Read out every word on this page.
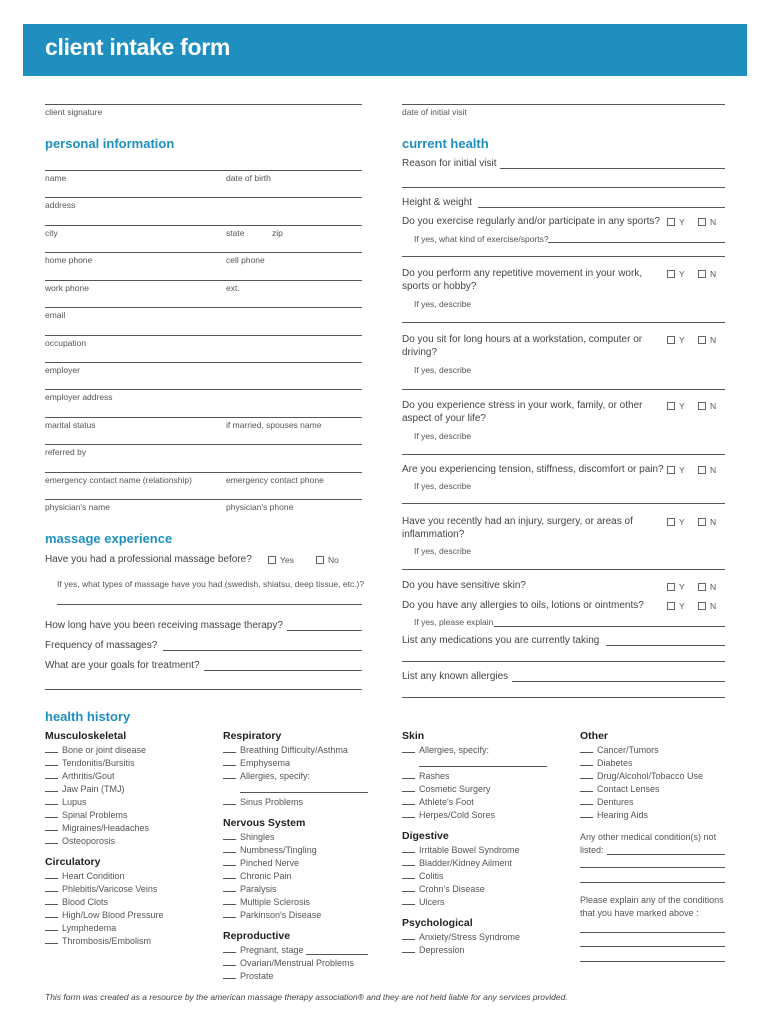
client intake form
client signature	date of initial visit
personal information
name	date of birth
address
city	state	zip
home phone	cell phone
work phone	ext.
email
occupation
employer
employer address
marital status	if married, spouses name
referred by
emergency contact name (relationship)	emergency contact phone
physician's name	physician's phone
massage experience
Have you had a professional massage before?	Yes	No
If yes, what types of massage have you had (swedish, shiatsu, deep tissue, etc.)?
How long have you been receiving massage therapy?
Frequency of massages?
What are your goals for treatment?
current health
Reason for initial visit
Height & weight
Do you exercise regularly and/or participate in any sports? Y	N
If yes, what kind of exercise/sports?
Do you perform any repetitive movement in your work, sports or hobby?
Y	N
If yes, describe
Do you sit for long hours at a workstation, computer or driving?
Y	N
If yes, describe
Do you experience stress in your work, family, or other aspect of your life?
Y	N
If yes, describe
Are you experiencing tension, stiffness, discomfort or pain? Y	N
If yes, describe
Have you recently had an injury, surgery, or areas of inflammation?
Y	N
If yes, describe
Do you have sensitive skin?	Y	N
Do you have any allergies to oils, lotions or ointments?	Y	N
If yes, please explain
List any medications you are currently taking
List any known allergies
health history
Musculoskeletal
Bone or joint disease
Tendonitis/Bursitis
Arthritis/Gout
Jaw Pain (TMJ)
Lupus
Spinal Problems
Migraines/Headaches
Osteoporosis
Circulatory
Heart Condition
Phlebitis/Varicose Veins
Blood Clots
High/Low Blood Pressure
Lymphedema
Thrombosis/Embolism
Respiratory
Breathing Difficulty/Asthma
Emphysema
Allergies, specify:
Sinus Problems
Nervous System
Shingles
Numbness/Tingling
Pinched Nerve
Chronic Pain
Paralysis
Multiple Sclerosis
Parkinson's Disease
Reproductive
Pregnant, stage
Ovarian/Menstrual Problems
Prostate
Skin
Allergies, specify:
Rashes
Cosmetic Surgery
Athlete's Foot
Herpes/Cold Sores
Digestive
Irritable Bowel Syndrome
Bladder/Kidney Ailment
Colitis
Crohn's Disease
Ulcers
Psychological
Anxiety/Stress Syndrome
Depression
Other
Cancer/Tumors
Diabetes
Drug/Alcohol/Tobacco Use
Contact Lenses
Dentures
Hearing Aids
Any other medical condition(s) not listed:
Please explain any of the conditions that you have marked above :
This form was created as a resource by the american massage therapy association® and they are not held liable for any services provided.
